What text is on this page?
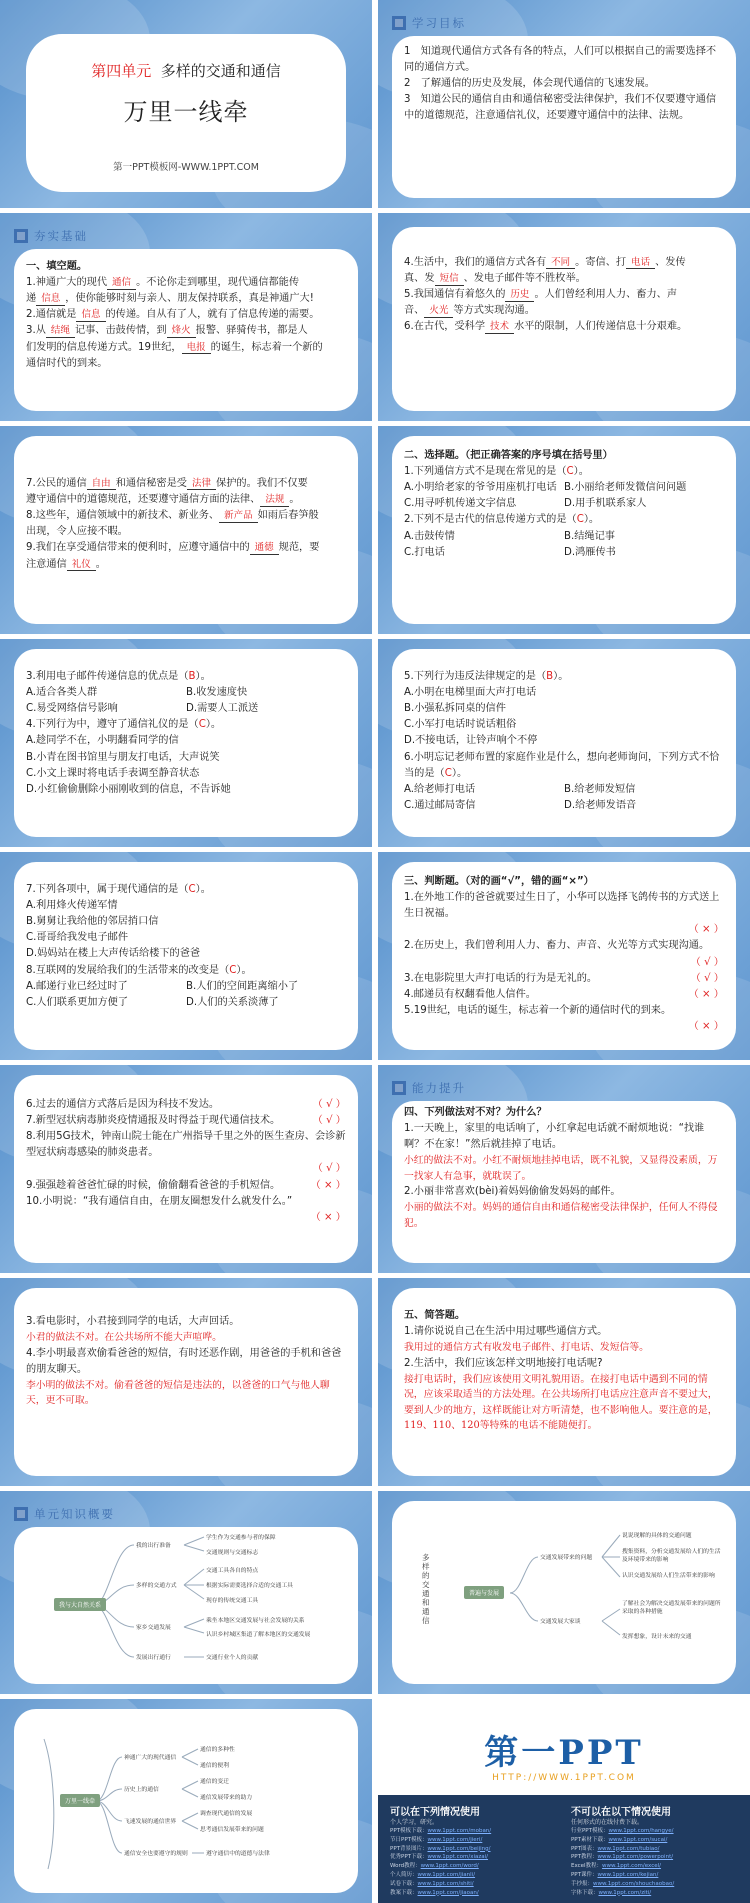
第四单元 多样的交通和通信
万里一线牵
第一PPT模板网-WWW.1PPT.COM
学习目标
1　知道现代通信方式各有各的特点，人们可以根据自己的需要选择不同的通信方式。
2　了解通信的历史及发展，体会现代通信的飞速发展。
3　知道公民的通信自由和通信秘密受法律保护，我们不仅要遵守通信中的道德规范，注意通信礼仪，还要遵守通信中的法律、法规。
夯实基础
一、填空题。
1.神通广大的现代 通信 。不论你走到哪里，现代通信都能传
递 信息 ，使你能够时刻与亲人、朋友保持联系，真是神通广大!
2.通信就是 信息 的传递。自从有了人，就有了信息传递的需要。
3.从 结绳 记事、击鼓传情，到 烽火 报警、驿骑传书，都是人
们发明的信息传递方式。19世纪， 电报 的诞生，标志着一个新的
通信时代的到来。
4.生活中，我们的通信方式各有 不同 。寄信、打 电话 、发传
真、发 短信 、发电子邮件等不胜枚举。
5.我国通信有着悠久的 历史 。人们曾经利用人力、畜力、声
音、 火光 等方式实现沟通。
6.在古代，受科学 技术 水平的限制，人们传递信息十分艰难。
7.公民的通信 自由 和通信秘密是受 法律 保护的。我们不仅要
遵守通信中的道德规范，还要遵守通信方面的法律、 法规 。
8.这些年，通信领域中的新技术、新业务、 新产品 如雨后春笋般
出现，令人应接不暇。
9.我们在享受通信带来的便利时，应遵守通信中的 通德 规范，要
注意通信 礼仪 。
二、选择题。（把正确答案的序号填在括号里）
1.下列通信方式不是现在常见的是（C）。
A.小明给老家的爷爷用座机打电话 B.小丽给老师发微信问问题
C.用寻呼机传递文字信息	D.用手机联系家人
2.下列不是古代的信息传递方式的是（C）。
A.击鼓传情	B.结绳记事
C.打电话	D.鸿雁传书
3.利用电子邮件传递信息的优点是（B）。
A.适合各类人群	B.收发速度快
C.易受网络信号影响	D.需要人工派送
4.下列行为中，遵守了通信礼仪的是（C）。
A.趁同学不在，小明翻看同学的信
B.小青在图书馆里与朋友打电话，大声说笑
C.小文上课时将电话手表调至静音状态
D.小红偷偷删除小丽刚收到的信息，不告诉她
5.下列行为违反法律规定的是（B）。
A.小明在电梯里面大声打电话
B.小强私拆同桌的信件
C.小军打电话时说话粗俗
D.不接电话，让铃声响个不停
6.小明忘记老师布置的家庭作业是什么，想向老师询问，下列方式不恰当的是（C）。
A.给老师打电话	B.给老师发短信
C.通过邮局寄信	D.给老师发语音
7.下列各项中，属于现代通信的是（C）。
A.利用烽火传递军情
B.舅舅让我给他的邻居捎口信
C.哥哥给我发电子邮件
D.妈妈站在楼上大声传话给楼下的爸爸
8.互联网的发展给我们的生活带来的改变是（C）。
A.邮递行业已经过时了	B.人们的空间距离缩小了
C.人们联系更加方便了	D.人们的关系淡薄了
三、判断题。（对的画“√”，错的画“×”）
1.在外地工作的爸爸就要过生日了，小华可以选择飞鸽传书的方式送上生日祝福。
（ × ）
2.在历史上，我们曾利用人力、畜力、声音、火光等方式实现沟通。
（ √ ）
3.在电影院里大声打电话的行为是无礼的。	（ √ ）
4.邮递员有权翻看他人信件。	（ × ）
5.19世纪，电话的诞生，标志着一个新的通信时代的到来。
（ × ）
6.过去的通信方式落后是因为科技不发达。	（ √ ）
7.新型冠状病毒肺炎疫情通报及时得益于现代通信技术。	（ √ ）
8.利用5G技术，钟南山院士能在广州指导千里之外的医生查房、会诊新型冠状病毒感染的肺炎患者。
（ √ ）
9.强强趁着爸爸忙碌的时候，偷偷翻看爸爸的手机短信。	（ × ）
10.小明说：“我有通信自由，在朋友圈想发什么就发什么。”
（ × ）
能力提升
四、下列做法对不对？为什么？
1.一天晚上，家里的电话响了，小红拿起电话就不耐烦地说：“找谁啊？不在家！”然后就挂掉了电话。
小红的做法不对。小红不耐烦地挂掉电话，既不礼貌，又显得没素质，万一找家人有急事，就耽误了。
2.小丽非常喜欢(bèi)着妈妈偷偷发妈妈的邮件。
小丽的做法不对。妈妈的通信自由和通信秘密受法律保护，任何人不得侵犯。
3.看电影时，小君接到同学的电话，大声回话。
小君的做法不对。在公共场所不能大声喧哗。
4.李小明最喜欢偷看爸爸的短信，有时还恶作剧，用爸爸的手机和爸爸的朋友聊天。
李小明的做法不对。偷看爸爸的短信是违法的，以爸爸的口气与他人聊天，更不可取。
五、简答题。
1.请你说说自己在生活中用过哪些通信方式。
我用过的通信方式有收发电子邮件、打电话、发短信等。
2.生活中，我们应该怎样文明地接打电话呢?
接打电话时，我们应该使用文明礼貌用语。在接打电话中遇到不同的情况，应该采取适当的方法处理。在公共场所打电话应注意声音不要过大，要到人少的地方，这样既能让对方听清楚，也不影响他人。要注意的是，119、110、120等特殊的电话不能随便打。
单元知识概要
我与大自然关系
我的出行准备
学生作为交通参与者的保障
交通规则与交通标志
多样的交通方式
交通工具各自的特点
根据实际需要选择合适的交通工具
现存的传统交通工具
家乡交通发展
乘坐本地区交通发展与社会发展的关系
认识乡村城区集道了解本地区的交通发展
发展出行通行	交通行业个人的贡献
多样的交通和通信
普遍与发展
交通发展带来的问题
说说现解的具体的交通问题
搜集资料，分析交通发展给人们的生活及环境带来的影响
认识交通发展给人们生活带来的影响
交通发展大家谈
了解社会为解决交通发展带来的问题所采取的各种措施
发挥想象，设计未来的交通
万里一线牵
神通广大的现代通信
通信的多种性
通信的便利
历史上的通信
通信的变迁
通信发展带来的助力
飞速发展的通信世界
调查现代通信的发展
思考通信发展带来的问题
通信安全也要遵守的规则	遵守通信中的道德与法律
第一PPT
HTTP://WWW.1PPT.COM
可以在下列情况使用
个人学习，研究。
PPT模板下载：www.1ppt.com/moban/
节日PPT模板：www.1ppt.com/jieri/
PPT背景图片：www.1ppt.com/beijing/
优秀PPT下载：www.1ppt.com/xiazai/
Word教程：www.1ppt.com/word/
个人简历：www.1ppt.com/jianli/
试卷下载：www.1ppt.com/shiti/
教案下载：www.1ppt.com/jiaoan/
不可以在以下情况使用
任何形式的在线付费下载。
行业PPT模板：www.1ppt.com/hangye/
PPT素材下载：www.1ppt.com/sucai/
PPT图表：www.1ppt.com/tubiao/
PPT教程：www.1ppt.com/powerpoint/
Excel教程：www.1ppt.com/excel/
PPT课件：www.1ppt.com/kejian/
手抄报：www.1ppt.com/shouchaobao/
字体下载：www.1ppt.com/ziti/
